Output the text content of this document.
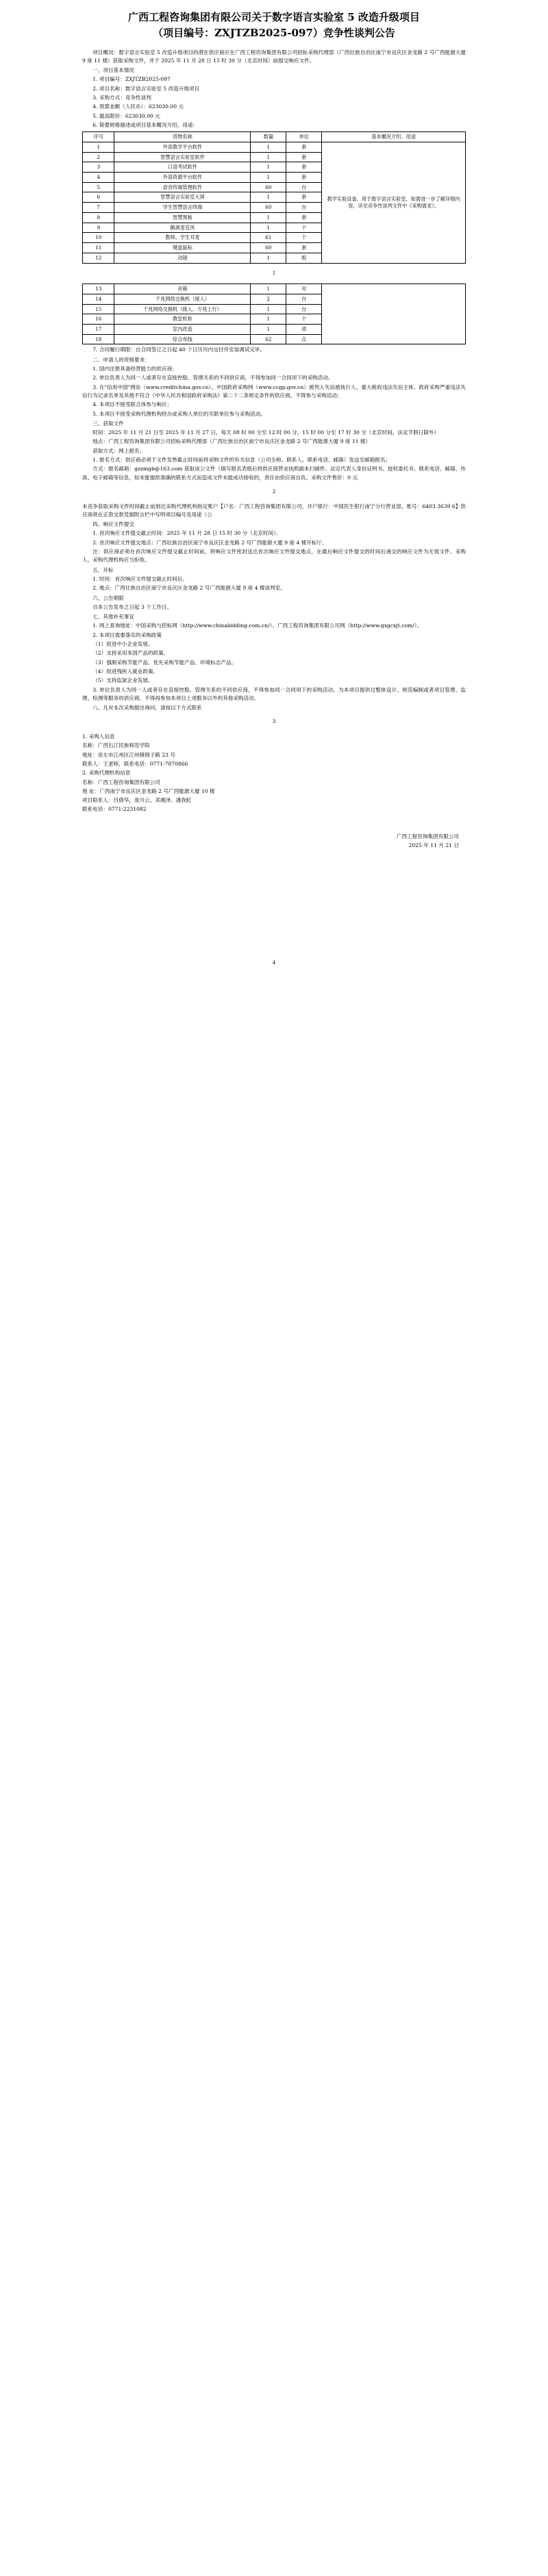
广西工程咨询集团有限公司关于数字语言实验室 5 改造升级项目
（项目编号：ZXJTZB2025-097）竞争性谈判公告
项目概况：数字语言实验室 5 改造升级项目的潜在供应商应在广西工程咨询集团有限公司招标采购代理部（广西壮族自治区南宁市良庆区金龙路 2 号广西能源大厦 9 座 11 楼）获取采购文件，并于 2025 年 11 月 28 日 15 时 30 分（北京时间）前提交响应文件。
一、项目基本情况
1. 项目编号：ZXJTZB2025-097
2. 项目名称：数字语言实验室 5 改造升级项目
3. 采购方式：竞争性谈判
4. 预算金额（人民币）：623030.00 元
5. 最高限价：623030.00 元
6. 简要规格描述或项目基本概况介绍、用途：
序号	货物名称	数量	单位	基本概况介绍、用途
1	外语教学平台软件	1	套	教学实验设备，用于数字语言实验室，如需进一步了解详细内容，详见竞争性谈判文件中《采购需求》。
2	智慧语言实验室软件	1	套	
3	口语考试软件	1	套	
4	外语资源平台软件	1	套	
5	语音终端管理软件	60	台	
6	智慧语言实验室大屏	1	套	
7	学生智慧语言终端	60	台	
8	智慧黑板	1	套	
9	鹅颈麦克风	1	个	
10	教师、学生耳麦	61	个	
11	键盘鼠标	60	套	
12	动镜	1	组	
1
13	音箱	1	对	
14	千兆网络交换机（接入）	2	台	
15	千兆网络交换机（接入、万兆上行）	1	台	
16	教室机柜	1	个	
17	室内改造	1	项	
18	综合布线	62	点	
7. 合同履行期限：自合同签订之日起 40 个日历历内交付并安装调试完毕。
二、申请人的资格要求：
1. 国内注册具备经营能力的供应商；
2. 单位负责人为同一人或者存在直接控股、管理关系的不同供应商，不得参加同一合同项下的采购活动。
3. 在"信用中国"网站（www.creditchina.gov.cn）、中国政府采购网（www.ccgp.gov.cn）被列入失信被执行人、重大税收违法失信主体、政府采购严重违法失信行为记录名单及其他不符合《中华人民共和国政府采购法》第二十二条规定条件的供应商，不得参与采购活动；
4. 本项目不接受联合体参与响应；
5. 本项目不接受采购代理机构经办或采购人单位的关联单位参与采购活动。
三、获取文件
时间：2025 年 11 月 21 日至 2025 年 11 月 27 日，每天 08 时 00 分至 12 时 00 分，15 时 00 分至 17 时 30 分（北京时间，法定节假日除外）
地点：广西工程咨询集团有限公司招标采购代理部（广西壮族自治区南宁市良庆区金龙路 2 号广西能源大厦 9 座 11 楼）
获取方式：网上报名；
1. 报名方式：供应商必须于文件发售截止时间前将采购文件的有关信息（公司全称、联系人、联系电话、邮箱）发送至邮箱报名；
方式：报名邮箱：gzzmgb@163.com 获取该公文件（填写报名表格后将供应商营业执照副本扫描件、法定代表人身份证明书、授权委托书、联系电话、邮箱、传真、电子邮箱等信息，如未能提供准确的联系方式而造成文件未能成功接收的，责任由供应商自负。采购文件售价：0 元
2
本竞争获取采购文件时间截止前到达采购代理机构指定账户【户名：广西工程咨询集团有限公司，开户银行：中国民生银行南宁分行营业部，账号：6403 3639 6】供应商须在正款交款凭据附言栏中写明项目编号及用途（公
四、响应文件提交
1. 首次响应文件提交截止时间：2025 年 11 月 28 日 15 时 30 分（北京时间）。
2. 首次响应文件提交地点：广西壮族自治区南宁市良庆区金龙路 2 号广西能源大厦 9 座 4 楼开标厅。
注：供应商必须在首次响应文件提交截止时间前，将响应文件密封送达首次响应文件提交地点，在最后响应文件提交的时间后递交的响应文件为无效文件。采购人、采购代理机构应当拒收。
五、开标
1. 时间：首次响应文件提交截止时间后。
2. 地点：广西壮族自治区南宁市良庆区金龙路 2 号广西能源大厦 9 座 4 楼谈判室。
六、公告期限
自本公告发布之日起 3 个工作日。
七、其他补充事宜
1. 网上查询地址：中国采购与招标网（http://www.chinabidding.com.cn/）、广西工程咨询集团有限公司网（http://www.gxgcxjt.com/）。
2. 本项目需要落实的采购政策
（1）促进中小企业发展。
（2）支持采用本国产品的政策。
（3）强制采购节能产品、优先采购节能产品、环境标志产品。
（4）促进残疾人就业政策。
（5）支持监狱企业发展。
3. 单位负责人为同一人或者存在直接控股、管理关系的不同供应商，不得参加同一合同项下的采购活动。为本项目提供过整体设计、规范编制或者项目管理、监理、检测等服务的供应商，不得再参加本项目上述服务以外的其他采购活动。
八、凡对本次采购提出询问，请按以下方式联系
3
1. 采购人信息
名称：广西右江民族师范学院
地址：崇左市江州区江州镇锦子路 23 号
联系人：王老师，联系电话：0771-7870866
2. 采购代理机构信息
名称：广西工程咨询集团有限公司
地 址：广西南宁市良庆区金龙路 2 号广西能源大厦 10 楼
项目联系人：吕倩华，庞川云、邓湘泽、潘我虹
联系电话：0771-2231082
广西工程咨询集团有限公司
2025 年 11 月 21 日
4
